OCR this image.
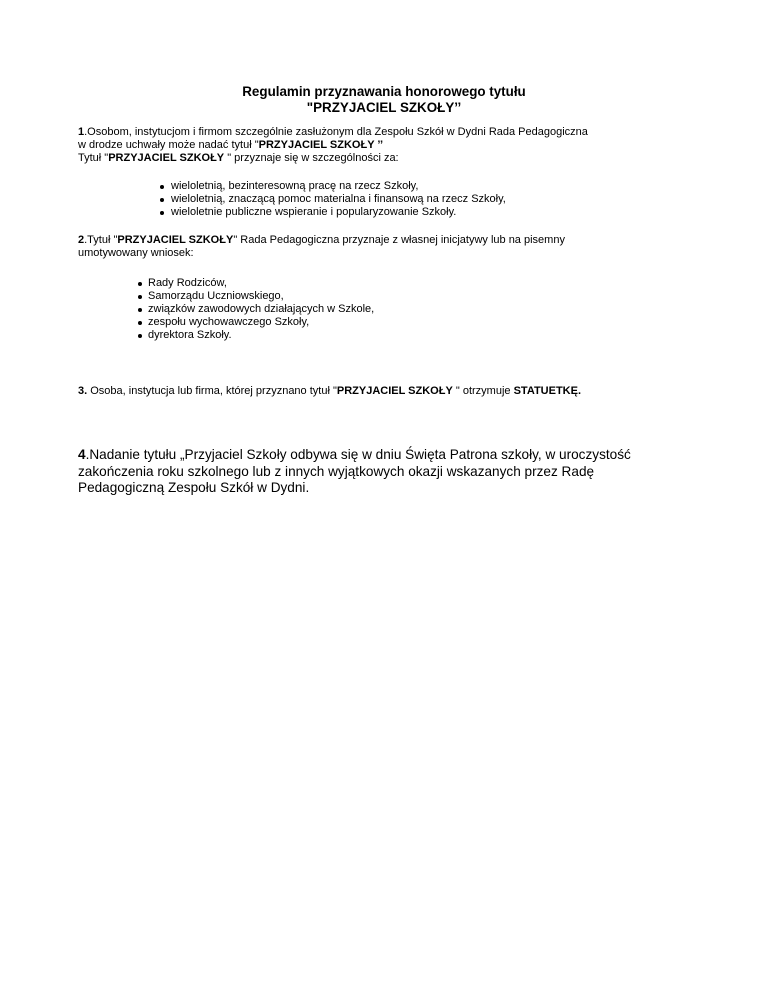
Regulamin przyznawania honorowego tytułu
"PRZYJACIEL SZKOŁY’’
1.Osobom, instytucjom i firmom szczególnie zasłużonym dla Zespołu Szkół w Dydni Rada Pedagogiczna
w drodze uchwały może nadać tytuł "PRZYJACIEL SZKOŁY ’’
Tytuł "PRZYJACIEL SZKOŁY " przyznaje się w szczególności za:
wieloletnią, bezinteresowną pracę na rzecz Szkoły,
wieloletnią, znaczącą pomoc materialna i finansową na rzecz Szkoły,
wieloletnie publiczne wspieranie i popularyzowanie Szkoły.
2.Tytuł "PRZYJACIEL SZKOŁY" Rada Pedagogiczna przyznaje z własnej inicjatywy lub na pisemny
umotywowany wniosek:
Rady Rodziców,
Samorządu Uczniowskiego,
związków zawodowych działających w Szkole,
zespołu wychowawczego Szkoły,
dyrektora Szkoły.
3. Osoba, instytucja lub firma, której przyznano tytuł "PRZYJACIEL SZKOŁY " otrzymuje STATUETKĘ.
4.Nadanie tytułu „Przyjaciel Szkoły odbywa się w dniu Święta Patrona szkoły, w uroczystość
zakończenia roku szkolnego lub z innych wyjątkowych okazji wskazanych przez Radę
Pedagogiczną Zespołu Szkół w Dydni.
